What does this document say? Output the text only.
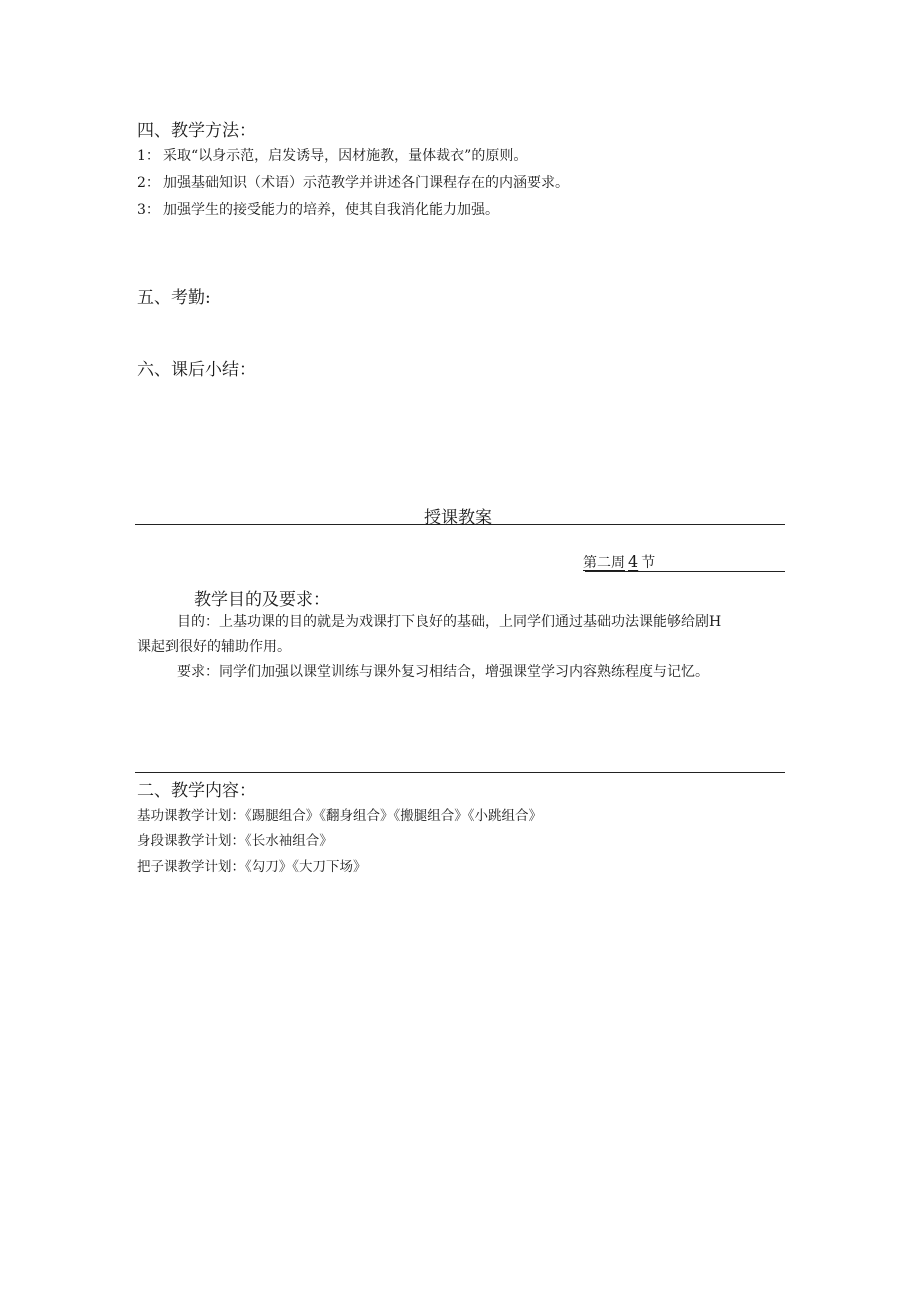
四、教学方法：
1： 采取“以身示范，启发诱导，因材施教，量体裁衣”的原则。
2： 加强基础知识（术语）示范教学并讲述各门课程存在的内涵要求。
3： 加强学生的接受能力的培养，使其自我消化能力加强。
五、考勤:
六、课后小结：
授课教案
第二周 4 节
教学目的及要求：
目的：上基功课的目的就是为戏课打下良好的基础，上同学们通过基础功法课能够给剧H
课起到很好的辅助作用。
要求：同学们加强以课堂训练与课外复习相结合，增强课堂学习内容熟练程度与记忆。
二、教学内容：
基功课教学计划：《踢腿组合》《翻身组合》《搬腿组合》《小跳组合》
身段课教学计划：《长水袖组合》
把子课教学计划：《勾刀》《大刀下场》
